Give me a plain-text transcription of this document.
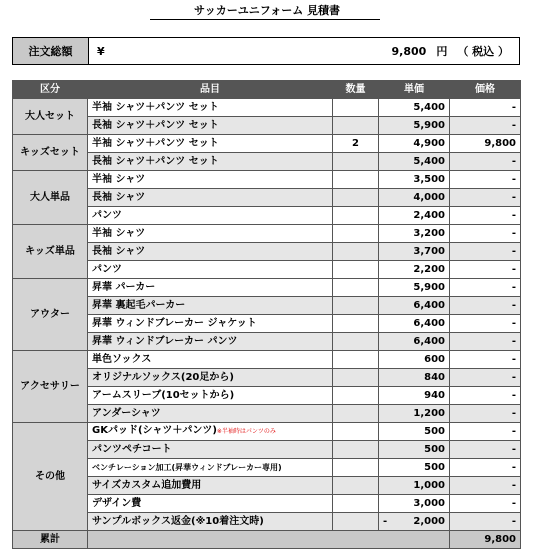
サッカーユニフォーム 見積書
注文総額	¥	9,800 円 （ 税込 ）
区分	品目	数量	単価	価格
大人セット	半袖 シャツ＋パンツ セット		5,400	-
	長袖 シャツ＋パンツ セット		5,900	-
キッズセット	半袖 シャツ＋パンツ セット	2	4,900	9,800
	長袖 シャツ＋パンツ セット		5,400	-
大人単品	半袖 シャツ		3,500	-
	長袖 シャツ		4,000	-
	パンツ		2,400	-
キッズ単品	半袖 シャツ		3,200	-
	長袖 シャツ		3,700	-
	パンツ		2,200	-
アウター	昇華 パーカー		5,900	-
	昇華 裏起毛パーカー		6,400	-
	昇華 ウィンドブレーカー ジャケット		6,400	-
	昇華 ウィンドブレーカー パンツ		6,400	-
アクセサリー	単色ソックス		600	-
	オリジナルソックス(20足から)		840	-
	アームスリーブ(10セットから)		940	-
	アンダーシャツ		1,200	-
その他	GKパッド(シャツ＋パンツ)※半袖時はパンツのみ		500	-
	パンツペチコート		500	-
	ベンチレーション加工(昇華ウィンドブレーカー専用)		500	-
	サイズカスタム追加費用		1,000	-
	デザイン費		3,000	-
	サンプルボックス返金(※10着注文時)		- 2,000	-
累計				9,800
